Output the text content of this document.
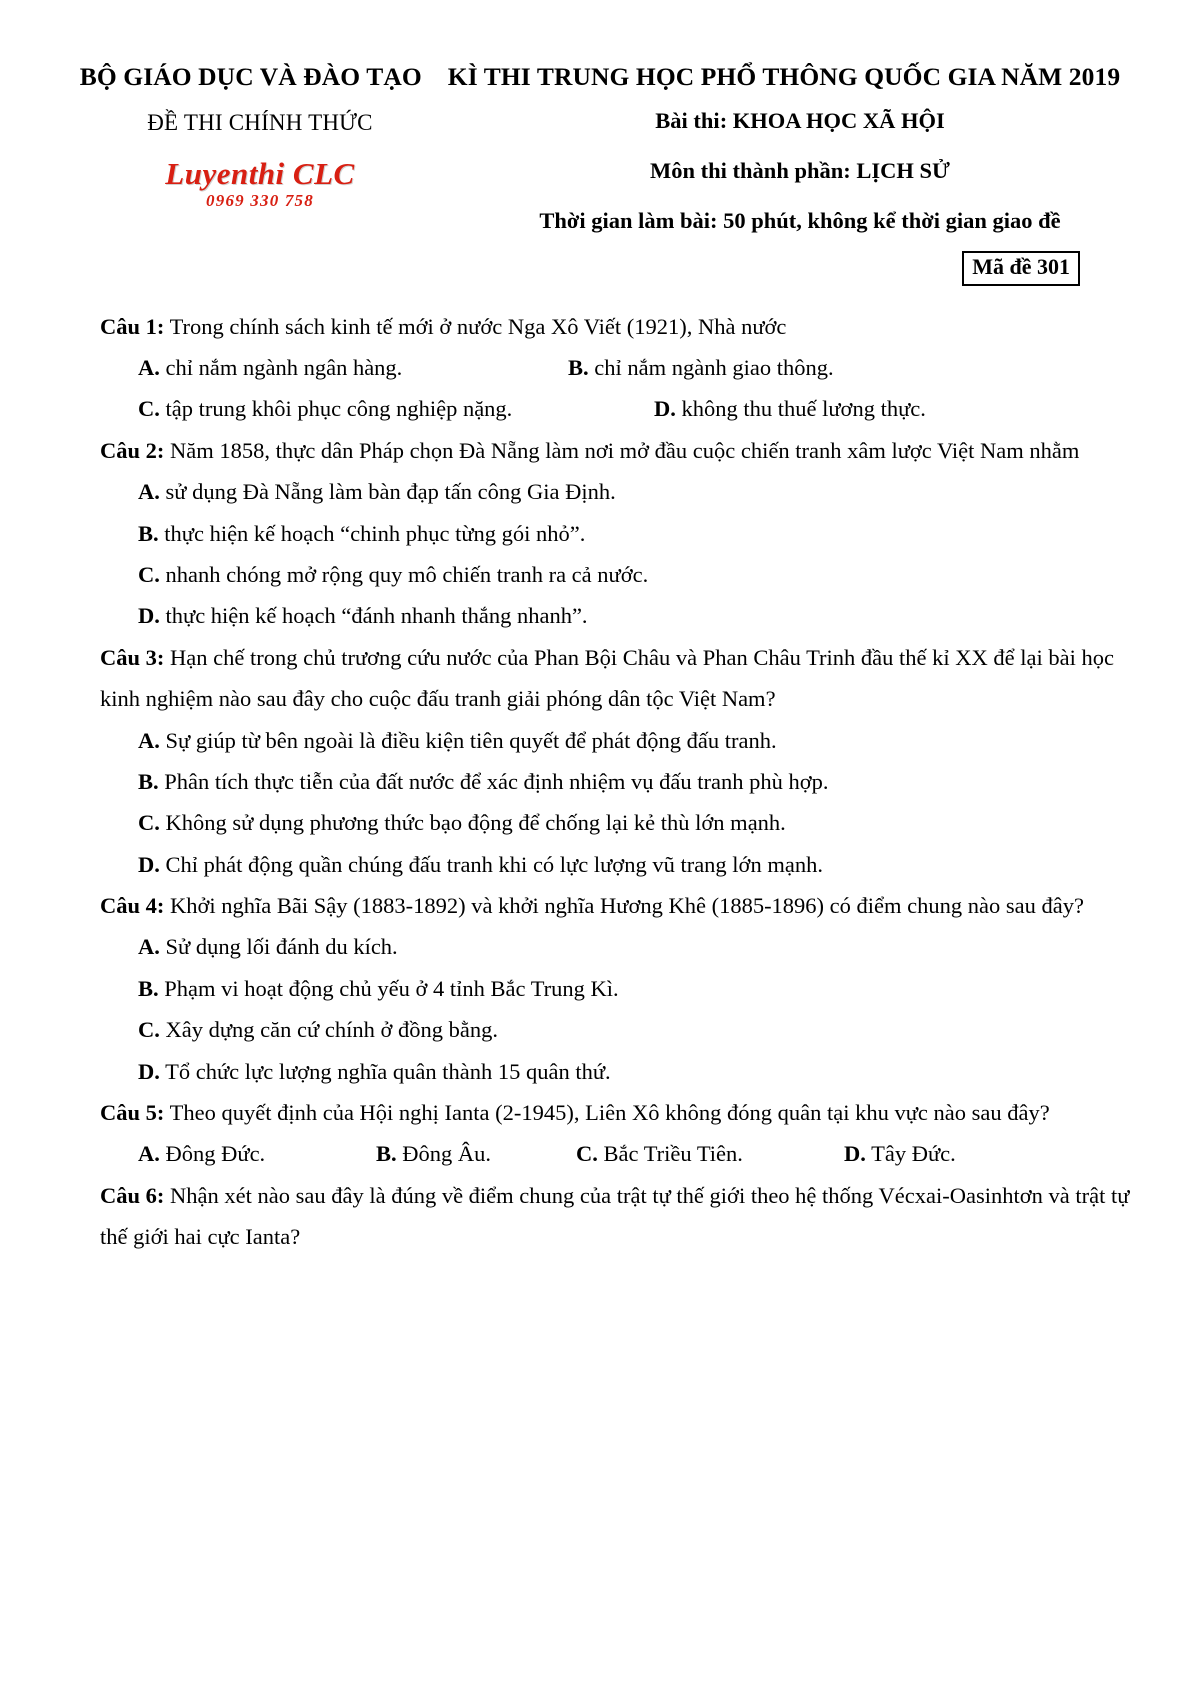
BỘ GIÁO DỤC VÀ ĐÀO TẠO KÌ THI TRUNG HỌC PHỔ THÔNG QUỐC GIA NĂM 2019
ĐỀ THI CHÍNH THỨC
Luyenthi CLC
0969 330 758
Bài thi: KHOA HỌC XÃ HỘI
Môn thi thành phần: LỊCH SỬ
Thời gian làm bài: 50 phút, không kể thời gian giao đề
Mã đề 301

Câu 1: Trong chính sách kinh tế mới ở nước Nga Xô Viết (1921), Nhà nước

A. chỉ nắm ngành ngân hàng.	B. chỉ nắm ngành giao thông.
C. tập trung khôi phục công nghiệp nặng.	D. không thu thuế lương thực.

Câu 2: Năm 1858, thực dân Pháp chọn Đà Nẵng làm nơi mở đầu cuộc chiến tranh xâm lược Việt Nam nhằm

A. sử dụng Đà Nẵng làm bàn đạp tấn công Gia Định.
B. thực hiện kế hoạch “chinh phục từng gói nhỏ”.
C. nhanh chóng mở rộng quy mô chiến tranh ra cả nước.
D. thực hiện kế hoạch “đánh nhanh thắng nhanh”.

Câu 3: Hạn chế trong chủ trương cứu nước của Phan Bội Châu và Phan Châu Trinh đầu thế kỉ XX để lại bài học kinh nghiệm nào sau đây cho cuộc đấu tranh giải phóng dân tộc Việt Nam?

A. Sự giúp từ bên ngoài là điều kiện tiên quyết để phát động đấu tranh.
B. Phân tích thực tiễn của đất nước để xác định nhiệm vụ đấu tranh phù hợp.
C. Không sử dụng phương thức bạo động để chống lại kẻ thù lớn mạnh.
D. Chỉ phát động quần chúng đấu tranh khi có lực lượng vũ trang lớn mạnh.

Câu 4: Khởi nghĩa Bãi Sậy (1883-1892) và khởi nghĩa Hương Khê (1885-1896) có điểm chung nào sau đây?

A. Sử dụng lối đánh du kích.
B. Phạm vi hoạt động chủ yếu ở 4 tỉnh Bắc Trung Kì.
C. Xây dựng căn cứ chính ở đồng bằng.
D. Tổ chức lực lượng nghĩa quân thành 15 quân thứ.

Câu 5: Theo quyết định của Hội nghị Ianta (2-1945), Liên Xô không đóng quân tại khu vực nào sau đây?

A. Đông Đức.	B. Đông Âu.	C. Bắc Triều Tiên.	D. Tây Đức.

Câu 6: Nhận xét nào sau đây là đúng về điểm chung của trật tự thế giới theo hệ thống Vécxai-Oasinhtơn và trật tự thế giới hai cực Ianta?
